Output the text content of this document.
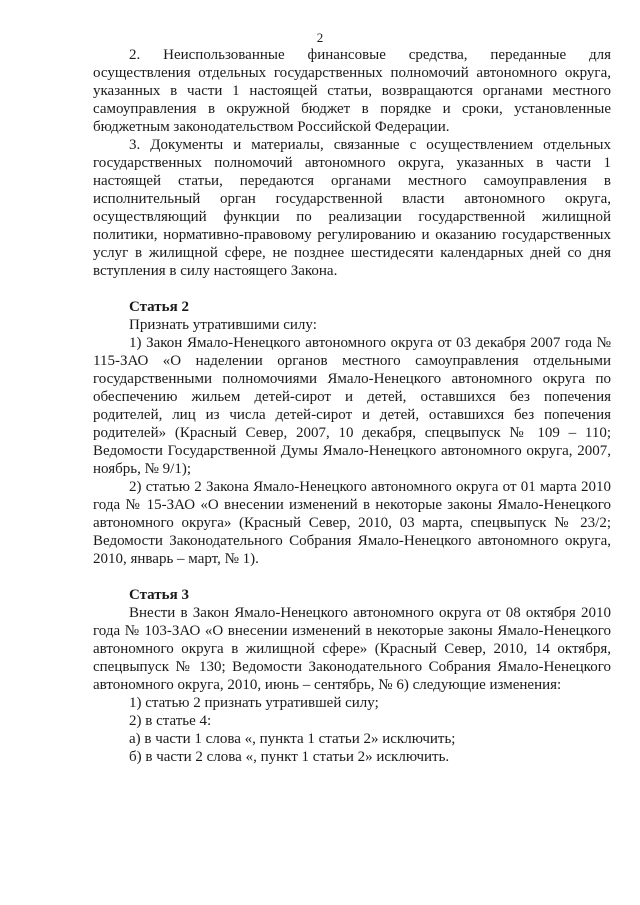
2

2. Неиспользованные финансовые средства, переданные для осуществления отдельных государственных полномочий автономного округа, указанных в части 1 настоящей статьи, возвращаются органами местного самоуправления в окружной бюджет в порядке и сроки, установленные бюджетным законодательством Российской Федерации.

3. Документы и материалы, связанные с осуществлением отдельных государственных полномочий автономного округа, указанных в части 1 настоящей статьи, передаются органами местного самоуправления в исполнительный орган государственной власти автономного округа, осуществляющий функции по реализации государственной жилищной политики, нормативно-правовому регулированию и оказанию государственных услуг в жилищной сфере, не позднее шестидесяти календарных дней со дня вступления в силу настоящего Закона.

Статья 2

Признать утратившими силу:

1) Закон Ямало-Ненецкого автономного округа от 03 декабря 2007 года № 115-ЗАО «О наделении органов местного самоуправления отдельными государственными полномочиями Ямало-Ненецкого автономного округа по обеспечению жильем детей-сирот и детей, оставшихся без попечения родителей, лиц из числа детей-сирот и детей, оставшихся без попечения родителей» (Красный Север, 2007, 10 декабря, спецвыпуск № 109 – 110; Ведомости Государственной Думы Ямало-Ненецкого автономного округа, 2007, ноябрь, № 9/1);

2) статью 2 Закона Ямало-Ненецкого автономного округа от 01 марта 2010 года № 15-ЗАО «О внесении изменений в некоторые законы Ямало-Ненецкого автономного округа» (Красный Север, 2010, 03 марта, спецвыпуск № 23/2; Ведомости Законодательного Собрания Ямало-Ненецкого автономного округа, 2010, январь – март, № 1).

Статья 3

Внести в Закон Ямало-Ненецкого автономного округа от 08 октября 2010 года № 103-ЗАО «О внесении изменений в некоторые законы Ямало-Ненецкого автономного округа в жилищной сфере» (Красный Север, 2010, 14 октября, спецвыпуск № 130; Ведомости Законодательного Собрания Ямало-Ненецкого автономного округа, 2010, июнь – сентябрь, № 6) следующие изменения:

1) статью 2 признать утратившей силу;

2) в статье 4:

а) в части 1 слова «, пункта 1 статьи 2» исключить;

б) в части 2 слова «, пункт 1 статьи 2» исключить.
